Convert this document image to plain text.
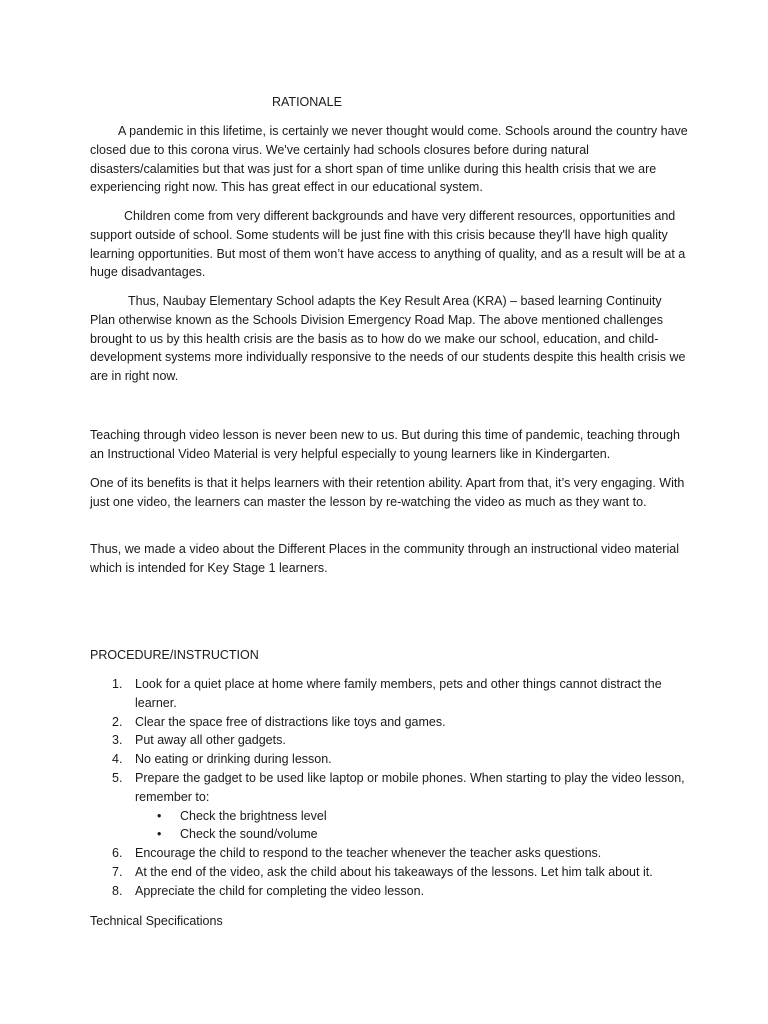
RATIONALE

A pandemic in this lifetime, is certainly we never thought would come. Schools around the country have closed due to this corona virus. We've certainly had schools closures before during natural disasters/calamities but that was just for a short span of time unlike during this health crisis that we are experiencing right now. This has great effect in our educational system.

Children come from very different backgrounds and have very different resources, opportunities and support outside of school. Some students will be just fine with this crisis because they'll have high quality learning opportunities. But most of them won’t have access to anything of quality, and as a result will be at a huge disadvantages.

Thus, Naubay Elementary School adapts the Key Result Area (KRA) – based learning Continuity Plan otherwise known as the Schools Division Emergency Road Map. The above mentioned challenges brought to us by this health crisis are the basis as to how do we make our school, education, and child-development systems more individually responsive to the needs of our students despite this health crisis we are in right now.

Teaching through video lesson is never been new to us. But during this time of pandemic, teaching through an Instructional Video Material is very helpful especially to young learners like in Kindergarten.

One of its benefits is that it helps learners with their retention ability. Apart from that, it’s very engaging. With just one video, the learners can master the lesson by re-watching the video as much as they want to.

Thus, we made a video about the Different Places in the community through an instructional video material which is intended for Key Stage 1 learners.

PROCEDURE/INSTRUCTION
1. Look for a quiet place at home where family members, pets and other things cannot distract the learner.
2. Clear the space free of distractions like toys and games.
3. Put away all other gadgets.
4. No eating or drinking during lesson.
5. Prepare the gadget to be used like laptop or mobile phones. When starting to play the video lesson, remember to:
• Check the brightness level
• Check the sound/volume
6. Encourage the child to respond to the teacher whenever the teacher asks questions.
7. At the end of the video, ask the child about his takeaways of the lessons. Let him talk about it.
8. Appreciate the child for completing the video lesson.
Technical Specifications
